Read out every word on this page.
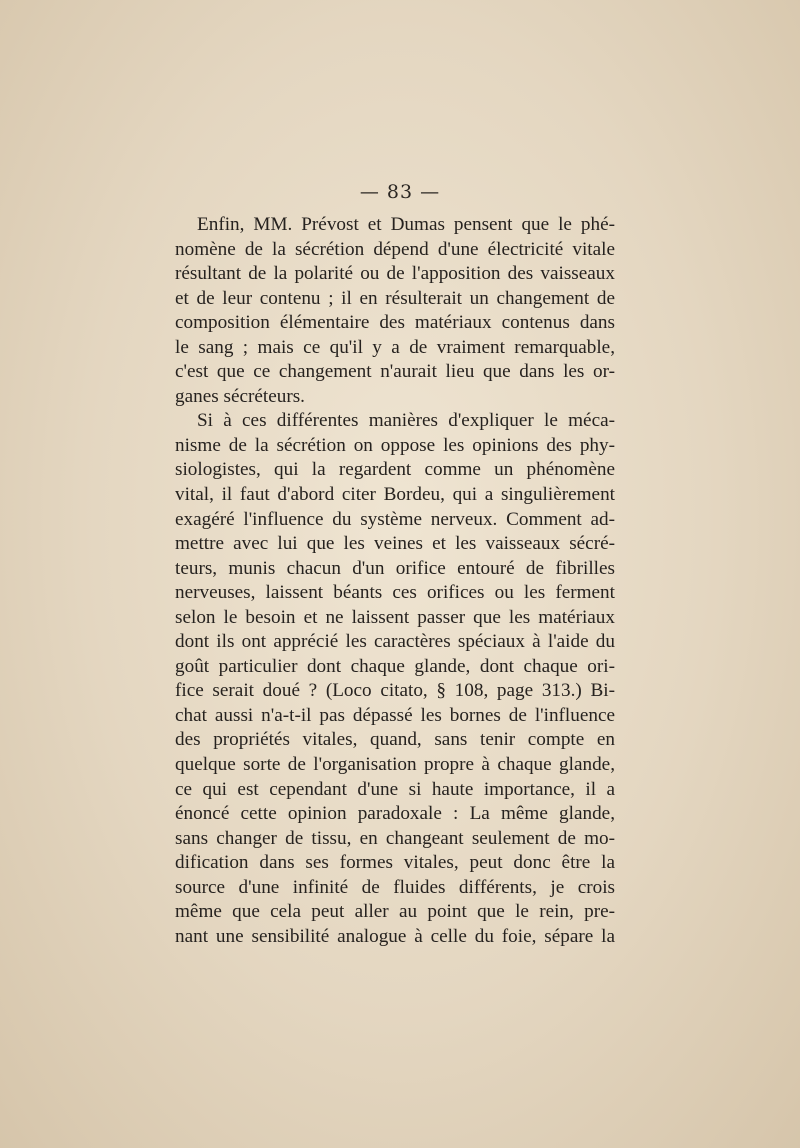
— 83 —
Enfin, MM. Prévost et Dumas pensent que le phé-
nomène de la sécrétion dépend d'une électricité vitale
résultant de la polarité ou de l'apposition des vaisseaux
et de leur contenu ; il en résulterait un changement de
composition élémentaire des matériaux contenus dans
le sang ; mais ce qu'il y a de vraiment remarquable,
c'est que ce changement n'aurait lieu que dans les or-
ganes sécréteurs.
Si à ces différentes manières d'expliquer le méca-
nisme de la sécrétion on oppose les opinions des phy-
siologistes, qui la regardent comme un phénomène
vital, il faut d'abord citer Bordeu, qui a singulièrement
exagéré l'influence du système nerveux. Comment ad-
mettre avec lui que les veines et les vaisseaux sécré-
teurs, munis chacun d'un orifice entouré de fibrilles
nerveuses, laissent béants ces orifices ou les ferment
selon le besoin et ne laissent passer que les matériaux
dont ils ont apprécié les caractères spéciaux à l'aide du
goût particulier dont chaque glande, dont chaque ori-
fice serait doué ? (Loco citato, § 108, page 313.) Bi-
chat aussi n'a-t-il pas dépassé les bornes de l'influence
des propriétés vitales, quand, sans tenir compte en
quelque sorte de l'organisation propre à chaque glande,
ce qui est cependant d'une si haute importance, il a
énoncé cette opinion paradoxale : La même glande,
sans changer de tissu, en changeant seulement de mo-
dification dans ses formes vitales, peut donc être la
source d'une infinité de fluides différents, je crois
même que cela peut aller au point que le rein, pre-
nant une sensibilité analogue à celle du foie, sépare la
